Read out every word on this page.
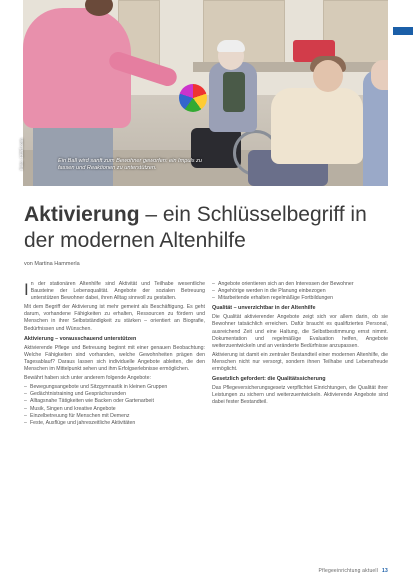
Ein Ball wird sanft zum Bewohner geworfen: ein Impuls zu fassen und Reaktionen zu unterstützen.
Foto: 123rf.com
Aktivierung – ein Schlüsselbegriff in der modernen Altenhilfe
von Martina Hammerla

In der stationären Altenhilfe sind Aktivität und Teilhabe wesentliche Bausteine der Lebensqualität. Angebote der sozialen Betreuung unterstützen Bewohner dabei, ihren Alltag sinnvoll zu gestalten.

Mit dem Begriff der Aktivierung ist mehr gemeint als Beschäftigung. Es geht darum, vorhandene Fähigkeiten zu erhalten, Ressourcen zu fördern und Menschen in ihrer Selbstständigkeit zu stärken – orientiert an Biografie, Bedürfnissen und Wünschen.

Aktivierung – vorausschauend unterstützen

Aktivierende Pflege und Betreuung beginnt mit einer genauen Beobachtung: Welche Fähigkeiten sind vorhanden, welche Gewohnheiten prägen den Tagesablauf? Daraus lassen sich individuelle Angebote ableiten, die den Menschen im Mittelpunkt sehen und ihm Erfolgserlebnisse ermöglichen.

Bewährt haben sich unter anderem folgende Angebote:

– Bewegungsangebote und Sitzgymnastik in kleinen Gruppen
– Gedächtnistraining und Gesprächsrunden
– Alltagsnahe Tätigkeiten wie Backen oder Gartenarbeit
– Musik, Singen und kreative Angebote
– Einzelbetreuung für Menschen mit Demenz
– Feste, Ausflüge und jahreszeitliche Aktivitäten
– Angebote orientieren sich an den Interessen der Bewohner
– Angehörige werden in die Planung einbezogen
– Mitarbeitende erhalten regelmäßige Fortbildungen
Qualität – unverzichtbar in der Altenhilfe

Die Qualität aktivierender Angebote zeigt sich vor allem darin, ob sie Bewohner tatsächlich erreichen. Dafür braucht es qualifiziertes Personal, ausreichend Zeit und eine Haltung, die Selbstbestimmung ernst nimmt. Dokumentation und regelmäßige Evaluation helfen, Angebote weiterzuentwickeln und an veränderte Bedürfnisse anzupassen.

Aktivierung ist damit ein zentraler Bestandteil einer modernen Altenhilfe, die Menschen nicht nur versorgt, sondern ihnen Teilhabe und Lebensfreude ermöglicht.

Gesetzlich gefordert: die Qualitätssicherung

Das Pflegeversicherungsgesetz verpflichtet Einrichtungen, die Qualität ihrer Leistungen zu sichern und weiterzuentwickeln. Aktivierende Angebote sind dabei fester Bestandteil.

Pflegeeinrichtung aktuell 13
